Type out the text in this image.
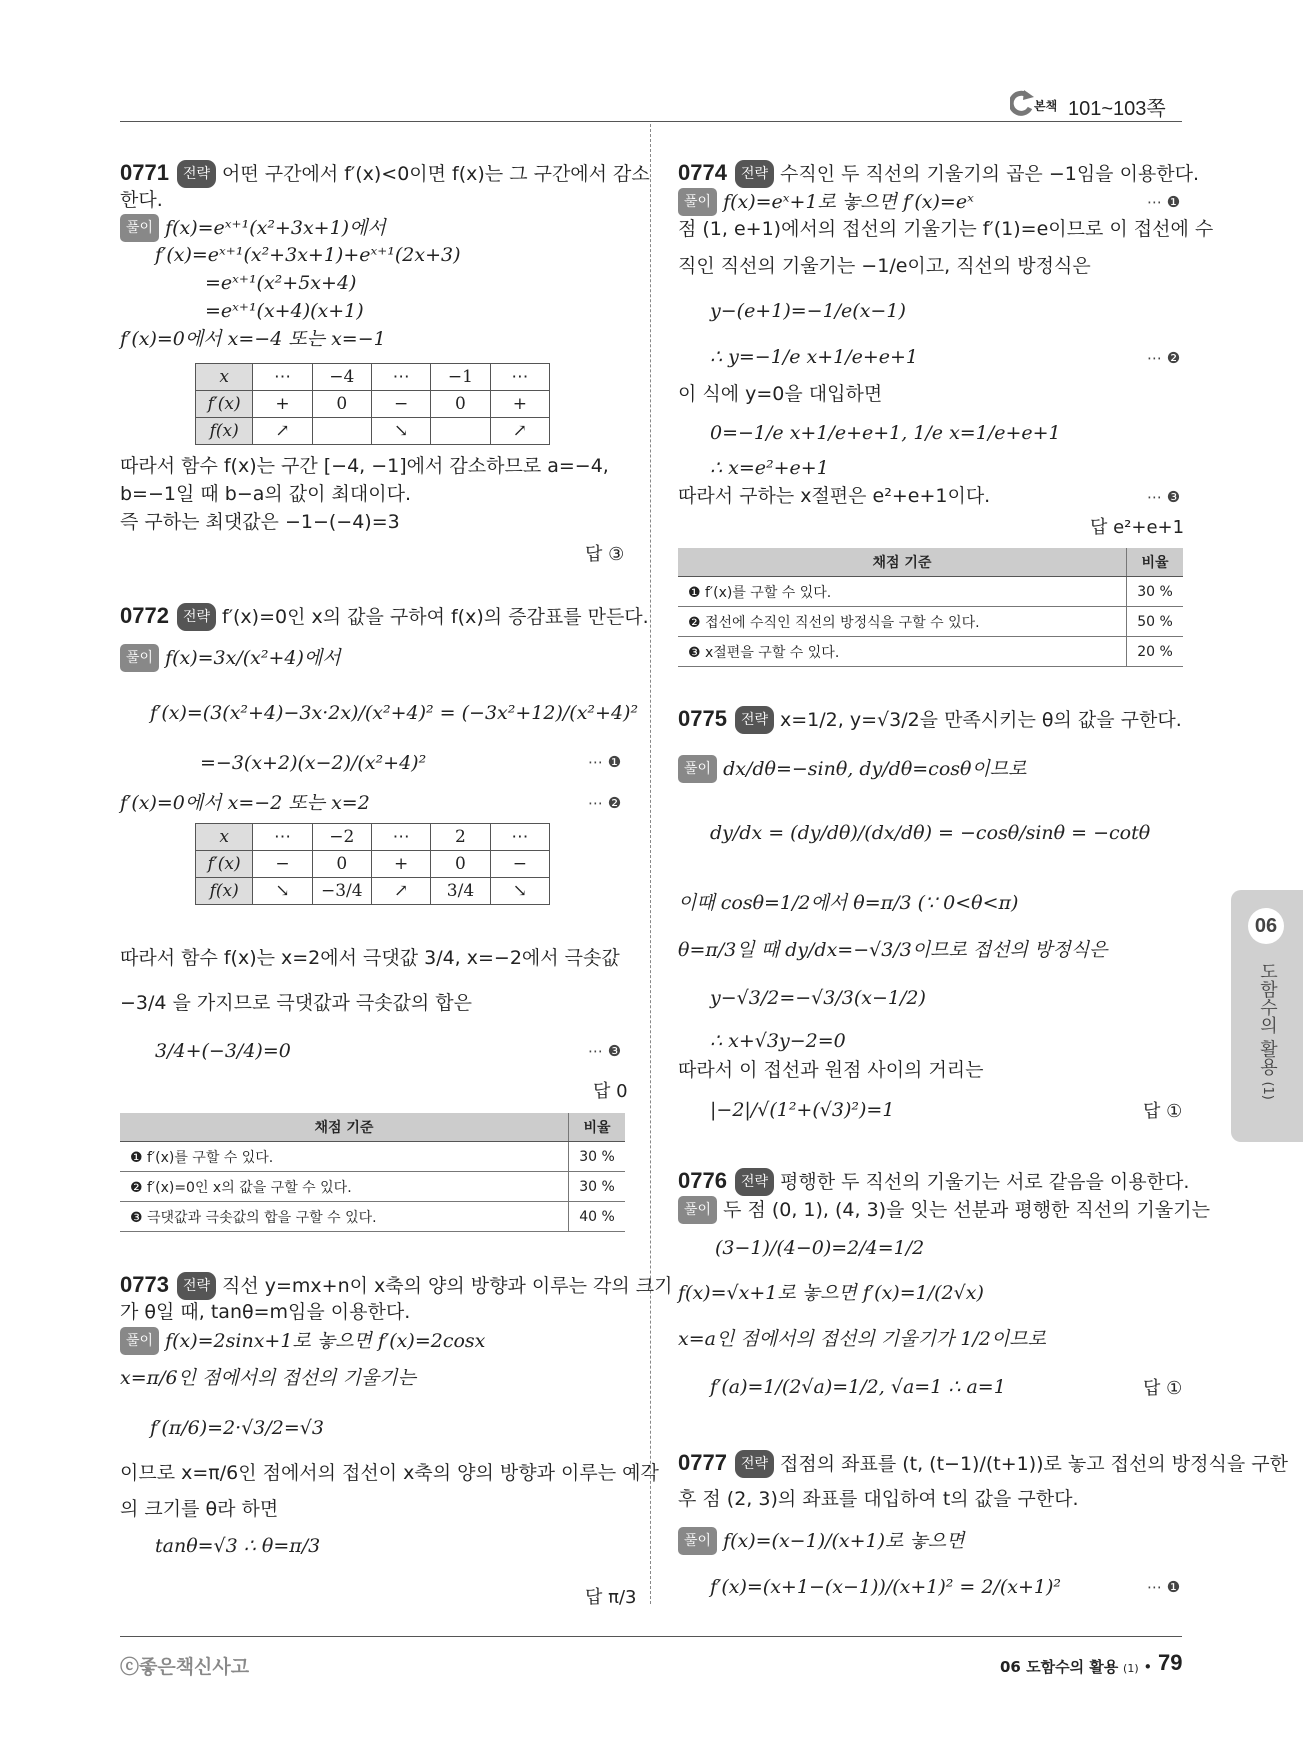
본책 101~103쪽
0771 전략 어떤 구간에서 f′(x)<0이면 f(x)는 그 구간에서 감소
한다.
풀이 f(x)=eˣ⁺¹(x²+3x+1)에서
f′(x)=eˣ⁺¹(x²+3x+1)+eˣ⁺¹(2x+3)
=eˣ⁺¹(x²+5x+4)
=eˣ⁺¹(x+4)(x+1)
f′(x)=0에서 x=−4 또는 x=−1
x	⋯	−4	⋯	−1	⋯
f′(x)	+	0	−	0	+
f(x)	↗		↘		↗
따라서 함수 f(x)는 구간 [−4, −1]에서 감소하므로 a=−4,
b=−1일 때 b−a의 값이 최대이다.
즉 구하는 최댓값은 −1−(−4)=3
답 ③
0772 전략 f′(x)=0인 x의 값을 구하여 f(x)의 증감표를 만든다.
풀이 f(x)=3x/(x²+4)에서
f′(x)=(3(x²+4)−3x·2x)/(x²+4)² = (−3x²+12)/(x²+4)²
=−3(x+2)(x−2)/(x²+4)²	⋯ ❶
f′(x)=0에서 x=−2 또는 x=2	⋯ ❷
x	⋯	−2	⋯	2	⋯
f′(x)	−	0	+	0	−
f(x)	↘	−3/4	↗	3/4	↘
따라서 함수 f(x)는 x=2에서 극댓값 3/4, x=−2에서 극솟값
−3/4 을 가지므로 극댓값과 극솟값의 합은
3/4+(−3/4)=0	⋯ ❸
답 0
채점 기준	비율
❶ f′(x)를 구할 수 있다.	30 %
❷ f′(x)=0인 x의 값을 구할 수 있다.	30 %
❸ 극댓값과 극솟값의 합을 구할 수 있다.	40 %
0773 전략 직선 y=mx+n이 x축의 양의 방향과 이루는 각의 크기
가 θ일 때, tanθ=m임을 이용한다.
풀이 f(x)=2sinx+1로 놓으면 f′(x)=2cosx
x=π/6인 점에서의 접선의 기울기는
f′(π/6)=2·√3/2=√3
이므로 x=π/6인 점에서의 접선이 x축의 양의 방향과 이루는 예각
의 크기를 θ라 하면
tanθ=√3 ∴ θ=π/3
답 π/3
0774 전략 수직인 두 직선의 기울기의 곱은 −1임을 이용한다.
풀이 f(x)=eˣ+1로 놓으면 f′(x)=eˣ	⋯ ❶
점 (1, e+1)에서의 접선의 기울기는 f′(1)=e이므로 이 접선에 수
직인 직선의 기울기는 −1/e이고, 직선의 방정식은
y−(e+1)=−1/e(x−1)
∴ y=−1/e x+1/e+e+1	⋯ ❷
이 식에 y=0을 대입하면
0=−1/e x+1/e+e+1, 1/e x=1/e+e+1
∴ x=e²+e+1
따라서 구하는 x절편은 e²+e+1이다.	⋯ ❸
답 e²+e+1
채점 기준	비율
❶ f′(x)를 구할 수 있다.	30 %
❷ 접선에 수직인 직선의 방정식을 구할 수 있다.	50 %
❸ x절편을 구할 수 있다.	20 %
0775 전략 x=1/2, y=√3/2을 만족시키는 θ의 값을 구한다.
풀이 dx/dθ=−sinθ, dy/dθ=cosθ이므로
dy/dx = (dy/dθ)/(dx/dθ) = −cosθ/sinθ = −cotθ
이때 cosθ=1/2에서 θ=π/3 (∵ 0<θ<π)
θ=π/3일 때 dy/dx=−√3/3이므로 접선의 방정식은
y−√3/2=−√3/3(x−1/2)
∴ x+√3y−2=0
따라서 이 접선과 원점 사이의 거리는
|−2|/√(1²+(√3)²)=1	답 ①
0776 전략 평행한 두 직선의 기울기는 서로 같음을 이용한다.
풀이 두 점 (0, 1), (4, 3)을 잇는 선분과 평행한 직선의 기울기는
(3−1)/(4−0)=2/4=1/2
f(x)=√x+1로 놓으면 f′(x)=1/(2√x)
x=a인 점에서의 접선의 기울기가 1/2이므로
f′(a)=1/(2√a)=1/2, √a=1 ∴ a=1	답 ①
0777 전략 접점의 좌표를 (t, (t−1)/(t+1))로 놓고 접선의 방정식을 구한
후 점 (2, 3)의 좌표를 대입하여 t의 값을 구한다.
풀이 f(x)=(x−1)/(x+1)로 놓으면
f′(x)=(x+1−(x−1))/(x+1)² = 2/(x+1)²	⋯ ❶
06
도함수의 활용 (1)
ⓒ좋은책신사고	06 도함수의 활용 (1) • 79
